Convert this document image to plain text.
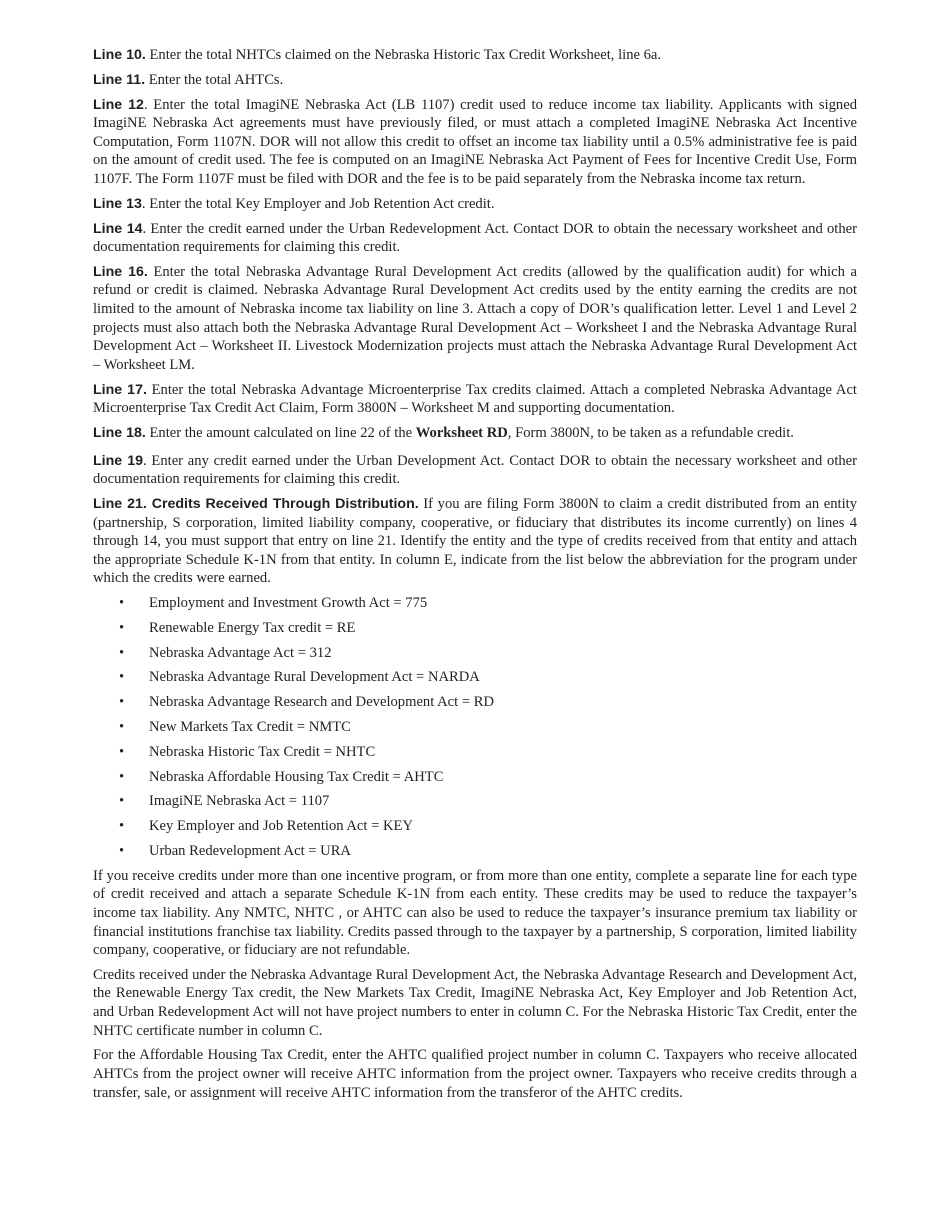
Line 10. Enter the total NHTCs claimed on the Nebraska Historic Tax Credit Worksheet, line 6a.

Line 11. Enter the total AHTCs.

Line 12. Enter the total ImagiNE Nebraska Act (LB 1107) credit used to reduce income tax liability. Applicants with signed ImagiNE Nebraska Act agreements must have previously filed, or must attach a completed ImagiNE Nebraska Act Incentive Computation, Form 1107N. DOR will not allow this credit to offset an income tax liability until a 0.5% administrative fee is paid on the amount of credit used. The fee is computed on an ImagiNE Nebraska Act Payment of Fees for Incentive Credit Use, Form 1107F. The Form 1107F must be filed with DOR and the fee is to be paid separately from the Nebraska income tax return.

Line 13. Enter the total Key Employer and Job Retention Act credit.

Line 14. Enter the credit earned under the Urban Redevelopment Act. Contact DOR to obtain the necessary worksheet and other documentation requirements for claiming this credit.

Line 16. Enter the total Nebraska Advantage Rural Development Act credits (allowed by the qualification audit) for which a refund or credit is claimed. Nebraska Advantage Rural Development Act credits used by the entity earning the credits are not limited to the amount of Nebraska income tax liability on line 3. Attach a copy of DOR’s qualification letter. Level 1 and Level 2 projects must also attach both the Nebraska Advantage Rural Development Act – Worksheet I and the Nebraska Advantage Rural Development Act – Worksheet II. Livestock Modernization projects must attach the Nebraska Advantage Rural Development Act – Worksheet LM.

Line 17. Enter the total Nebraska Advantage Microenterprise Tax credits claimed. Attach a completed Nebraska Advantage Act Microenterprise Tax Credit Act Claim, Form 3800N – Worksheet M and supporting documentation.

Line 18. Enter the amount calculated on line 22 of the Worksheet RD, Form 3800N, to be taken as a refundable credit.

Line 19. Enter any credit earned under the Urban Development Act. Contact DOR to obtain the necessary worksheet and other documentation requirements for claiming this credit.

Line 21. Credits Received Through Distribution. If you are filing Form 3800N to claim a credit distributed from an entity (partnership, S corporation, limited liability company, cooperative, or fiduciary that distributes its income currently) on lines 4 through 14, you must support that entry on line 21. Identify the entity and the type of credits received from that entity and attach the appropriate Schedule K-1N from that entity. In column E, indicate from the list below the abbreviation for the program under which the credits were earned.

• Employment and Investment Growth Act = 775
• Renewable Energy Tax credit = RE
• Nebraska Advantage Act = 312
• Nebraska Advantage Rural Development Act = NARDA
• Nebraska Advantage Research and Development Act = RD
• New Markets Tax Credit = NMTC
• Nebraska Historic Tax Credit = NHTC
• Nebraska Affordable Housing Tax Credit = AHTC
• ImagiNE Nebraska Act = 1107
• Key Employer and Job Retention Act = KEY
• Urban Redevelopment Act = URA

If you receive credits under more than one incentive program, or from more than one entity, complete a separate line for each type of credit received and attach a separate Schedule K-1N from each entity. These credits may be used to reduce the taxpayer’s income tax liability. Any NMTC, NHTC , or AHTC can also be used to reduce the taxpayer’s insurance premium tax liability or financial institutions franchise tax liability. Credits passed through to the taxpayer by a partnership, S corporation, limited liability company, cooperative, or fiduciary are not refundable.

Credits received under the Nebraska Advantage Rural Development Act, the Nebraska Advantage Research and Development Act, the Renewable Energy Tax credit, the New Markets Tax Credit, ImagiNE Nebraska Act, Key Employer and Job Retention Act, and Urban Redevelopment Act will not have project numbers to enter in column C. For the Nebraska Historic Tax Credit, enter the NHTC certificate number in column C.

For the Affordable Housing Tax Credit, enter the AHTC qualified project number in column C. Taxpayers who receive allocated AHTCs from the project owner will receive AHTC information from the project owner. Taxpayers who receive credits through a transfer, sale, or assignment will receive AHTC information from the transferor of the AHTC credits.
